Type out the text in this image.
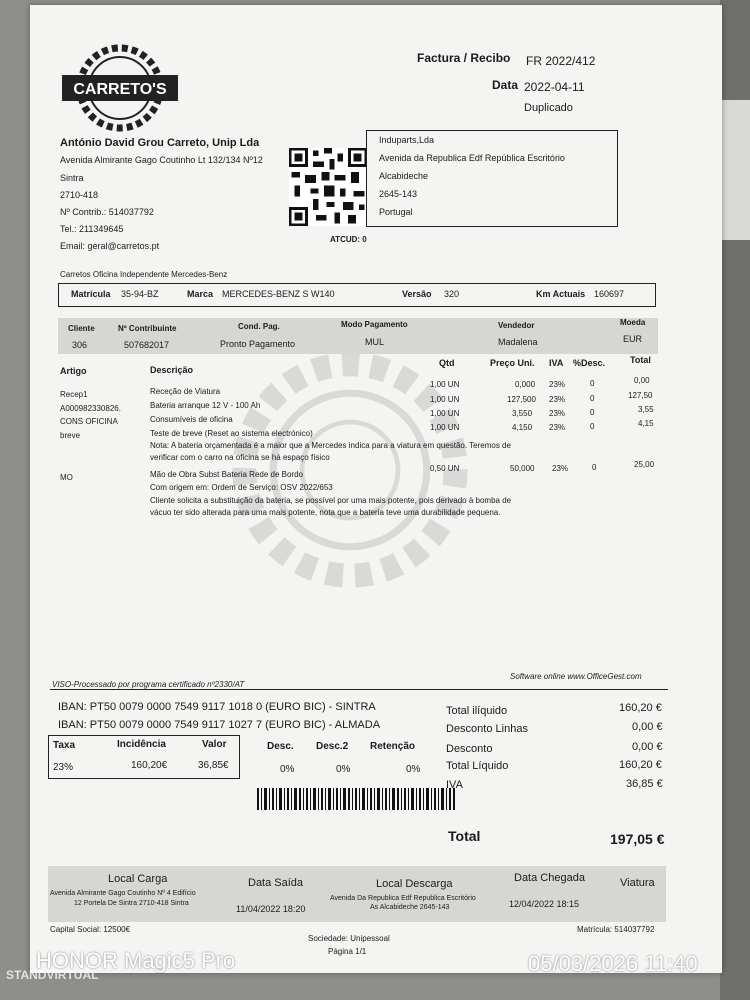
CARRETO'S
Factura / Recibo FR 2022/412
Data 2022-04-11
Duplicado
António David Grou Carreto, Unip Lda
Avenida Almirante Gago Coutinho Lt 132/134 Nº12
Sintra
2710-418
Nº Contrib.: 514037792
Tel.: 211349645
Email: geral@carretos.pt
ATCUD: 0
Induparts,Lda
Avenida da Republica Edf República Escritório
Alcabideche
2645-143
Portugal
Carretos Oficina Independente Mercedes-Benz
Matrícula 35-94-BZ	Marca MERCEDES-BENZ S W140	Versão 320	Km Actuais 160697
Cliente	Nº Contribuinte	Cond. Pag.	Modo Pagamento	Vendedor	Moeda
306	507682017	Pronto Pagamento	MUL	Madalena	EUR
Artigo	Descrição
Qtd	Preço Uni. IVA %Desc.	Total
Recep1	Receção de Viatura
1,00 UN	0,000 23%	0	0,00
A000982330826.	Bateria arranque 12 V - 100 Ah
1,00 UN	127,500 23%	0	127,50
CONS OFICINA	Consumíveis de oficina
1,00 UN	3,550 23%	0	3,55
breve	Teste de breve (Reset ao sistema electrónico)
1,00 UN	4,150 23%	0	4,15
Nota: A bateria orçamentada é a maior que a Mercedes indica para a viatura em questão. Teremos de
verificar com o carro na oficina se há espaço físico
MO	Mão de Obra Subst Bateria Rede de Bordo
0,50 UN	50,000 23%	0	25,00
Com origem em: Ordem de Serviço: OSV 2022/653
Cliente solicita a substituição da bateria, se possível por uma mais potente, pois derivado à bomba de
vácuo ter sido alterada para uma mais potente, nota que a bateria teve uma durabilidade pequena.
VISO-Processado por programa certificado nº2330/AT
Software online www.OfficeGest.com
IBAN: PT50 0079 0000 7549 9117 1018 0 (EURO BIC) - SINTRA
IBAN: PT50 0079 0000 7549 9117 1027 7 (EURO BIC) - ALMADA
Taxa	Incidência	Valor
23%	160,20€	36,85€
Desc. Desc.2 Retenção
0%	0%	0%
Total ilíquido	160,20 €
Desconto Linhas	0,00 €
Desconto	0,00 €
Total Líquido	160,20 €
IVA	36,85 €
Total	197,05 €
Local Carga
Avenida Almirante Gago Coutinho Nº 4 Edifício
12 Portela De Sintra 2710-418 Sintra
Data Saída
11/04/2022 18:20
Local Descarga
Avenida Da Republica Edf Republica Escritório
As Alcabideche 2645-143
Data Chegada
12/04/2022 18:15
Viatura
Capital Social: 12500€
Sociedade: Unipessoal
Matrícula: 514037792
Página 1/1
HONOR Magic5 Pro	05/03/2026 11:40
STANDVIRTUAL
